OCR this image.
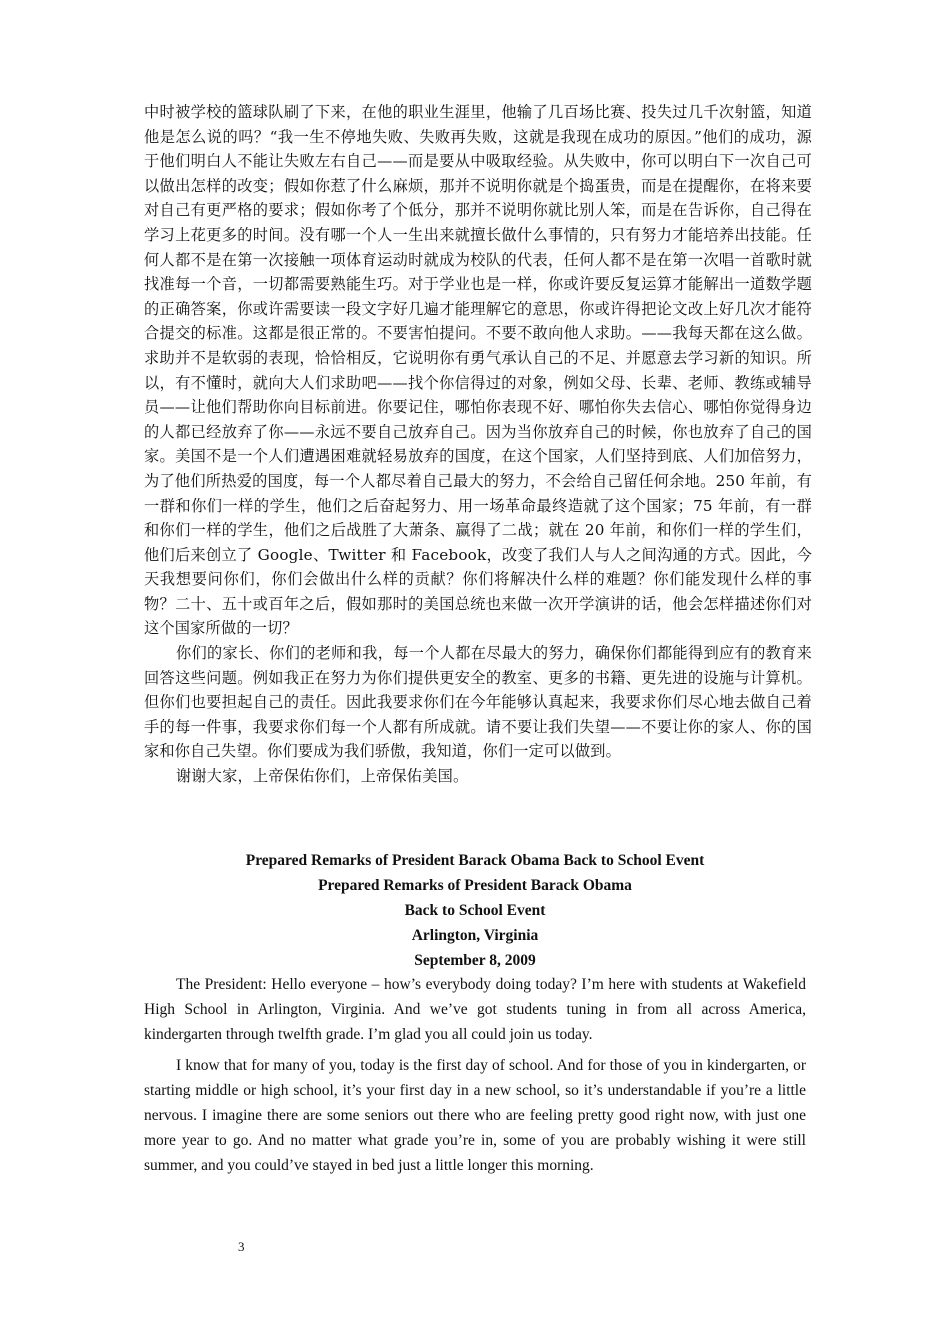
中时被学校的篮球队刷了下来，在他的职业生涯里，他输了几百场比赛、投失过几千次射篮，知道他是怎么说的吗？“我一生不停地失败、失败再失败，这就是我现在成功的原因。”他们的成功，源于他们明白人不能让失败左右自己——而是要从中吸取经验。从失败中，你可以明白下一次自己可以做出怎样的改变；假如你惹了什么麻烦，那并不说明你就是个捣蛋贵，而是在提醒你，在将来要对自己有更严格的要求；假如你考了个低分，那并不说明你就比别人笨，而是在告诉你，自己得在学习上花更多的时间。没有哪一个人一生出来就擅长做什么事情的，只有努力才能培养出技能。任何人都不是在第一次接触一项体育运动时就成为校队的代表，任何人都不是在第一次唱一首歌时就找准每一个音，一切都需要熟能生巧。对于学业也是一样，你或许要反复运算才能解出一道数学题的正确答案，你或许需要读一段文字好几遍才能理解它的意思，你或许得把论文改上好几次才能符合提交的标准。这都是很正常的。不要害怕提问。不要不敢向他人求助。——我每天都在这么做。求助并不是软弱的表现，恰恰相反，它说明你有勇气承认自己的不足、并愿意去学习新的知识。所以，有不懂时，就向大人们求助吧——找个你信得过的对象，例如父母、长辈、老师、教练或辅导员——让他们帮助你向目标前进。你要记住，哪怕你表现不好、哪怕你失去信心、哪怕你觉得身边的人都已经放弃了你——永远不要自己放弃自己。因为当你放弃自己的时候，你也放弃了自己的国家。美国不是一个人们遭遇困难就轻易放弃的国度，在这个国家，人们坚持到底、人们加倍努力，为了他们所热爱的国度，每一个人都尽着自己最大的努力，不会给自己留任何余地。250 年前，有一群和你们一样的学生，他们之后奋起努力、用一场革命最终造就了这个国家；75 年前，有一群和你们一样的学生，他们之后战胜了大萧条、赢得了二战；就在 20 年前，和你们一样的学生们，他们后来创立了 Google、Twitter 和 Facebook，改变了我们人与人之间沟通的方式。因此，今天我想要问你们，你们会做出什么样的贡献？你们将解决什么样的难题？你们能发现什么样的事物？二十、五十或百年之后，假如那时的美国总统也来做一次开学演讲的话，他会怎样描述你们对这个国家所做的一切？

你们的家长、你们的老师和我，每一个人都在尽最大的努力，确保你们都能得到应有的教育来回答这些问题。例如我正在努力为你们提供更安全的教室、更多的书籍、更先进的设施与计算机。但你们也要担起自己的责任。因此我要求你们在今年能够认真起来，我要求你们尽心地去做自己着手的每一件事，我要求你们每一个人都有所成就。请不要让我们失望——不要让你的家人、你的国家和你自己失望。你们要成为我们骄傲，我知道，你们一定可以做到。

谢谢大家，上帝保佑你们，上帝保佑美国。

Prepared Remarks of President Barack Obama Back to School Event
Prepared Remarks of President Barack Obama
Back to School Event
Arlington, Virginia
September 8, 2009

The President: Hello everyone – how’s everybody doing today? I’m here with students at Wakefield High School in Arlington, Virginia. And we’ve got students tuning in from all across America, kindergarten through twelfth grade. I’m glad you all could join us today.

I know that for many of you, today is the first day of school. And for those of you in kindergarten, or starting middle or high school, it’s your first day in a new school, so it’s understandable if you’re a little nervous. I imagine there are some seniors out there who are feeling pretty good right now, with just one more year to go. And no matter what grade you’re in, some of you are probably wishing it were still summer, and you could’ve stayed in bed just a little longer this morning.

3
